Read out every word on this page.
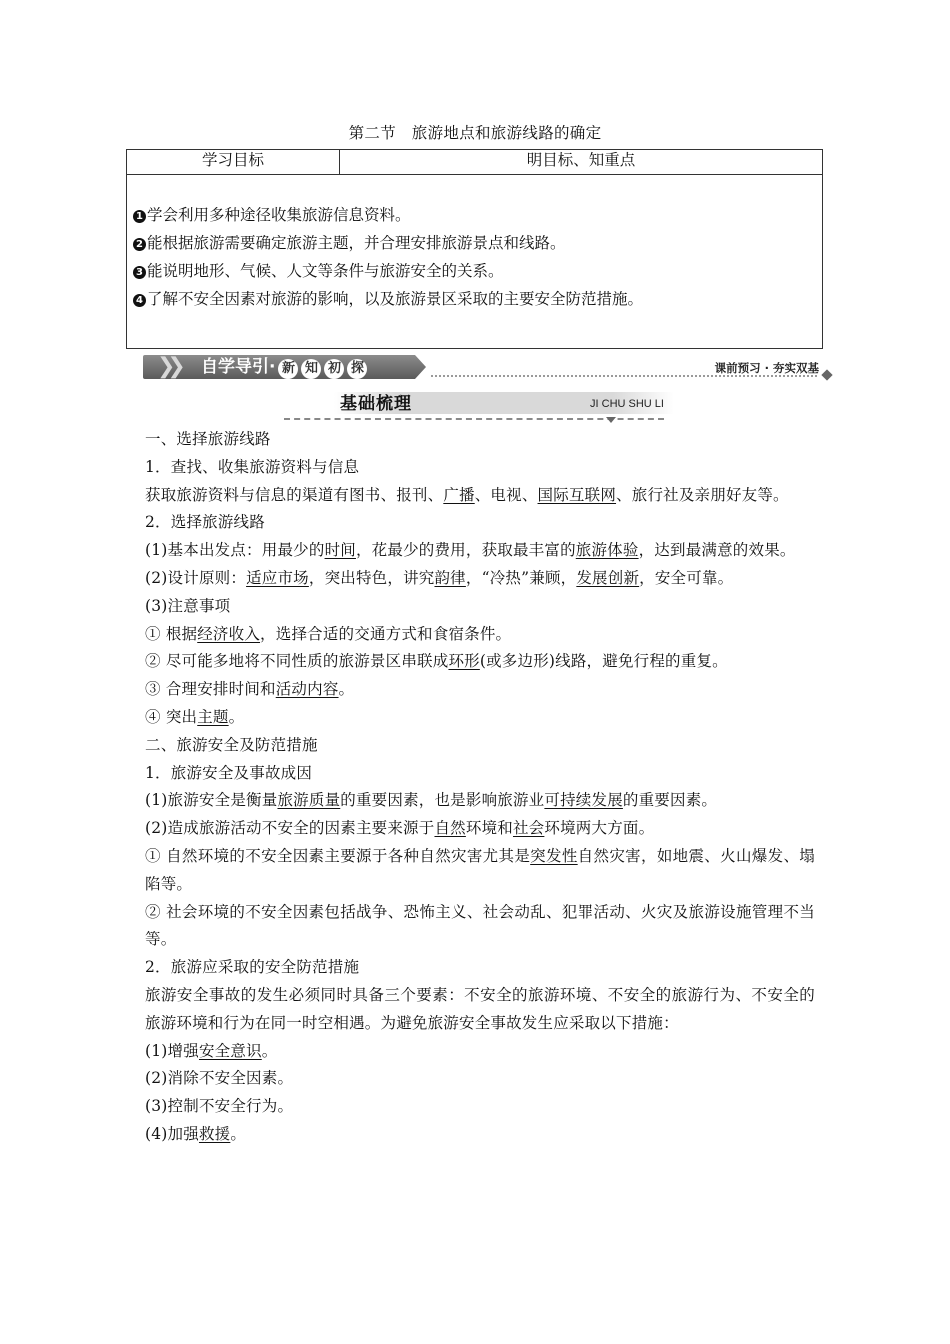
第二节　旅游地点和旅游线路的确定
学习目标	明目标、知重点

1 学会利用多种途径收集旅游信息资料。
2 能根据旅游需要确定旅游主题，并合理安排旅游景点和线路。
3 能说明地形、气候、人文等条件与旅游安全的关系。
4 了解不安全因素对旅游的影响，以及旅游景区采取的主要安全防范措施。
❯❯ 自学导引· 新 知 初 探	课前预习 · 夯实双基
基础梳理	JI CHU SHU LI

一、选择旅游线路

1．查找、收集旅游资料与信息

获取旅游资料与信息的渠道有图书、报刊、广播、电视、国际互联网、旅行社及亲朋好友等。

2．选择旅游线路

(1)基本出发点：用最少的时间，花最少的费用，获取最丰富的旅游体验，达到最满意的效果。

(2)设计原则：适应市场，突出特色，讲究韵律，“冷热”兼顾，发展创新，安全可靠。

(3)注意事项

① 根据经济收入，选择合适的交通方式和食宿条件。

② 尽可能多地将不同性质的旅游景区串联成环形(或多边形)线路，避免行程的重复。

③ 合理安排时间和活动内容。

④ 突出主题。

二、旅游安全及防范措施

1．旅游安全及事故成因

(1)旅游安全是衡量旅游质量的重要因素，也是影响旅游业可持续发展的重要因素。

(2)造成旅游活动不安全的因素主要来源于自然环境和社会环境两大方面。

① 自然环境的不安全因素主要源于各种自然灾害尤其是突发性自然灾害，如地震、火山爆发、塌陷等。

② 社会环境的不安全因素包括战争、恐怖主义、社会动乱、犯罪活动、火灾及旅游设施管理不当等。

2．旅游应采取的安全防范措施

旅游安全事故的发生必须同时具备三个要素：不安全的旅游环境、不安全的旅游行为、不安全的旅游环境和行为在同一时空相遇。为避免旅游安全事故发生应采取以下措施：

(1)增强安全意识。

(2)消除不安全因素。

(3)控制不安全行为。

(4)加强救援。
